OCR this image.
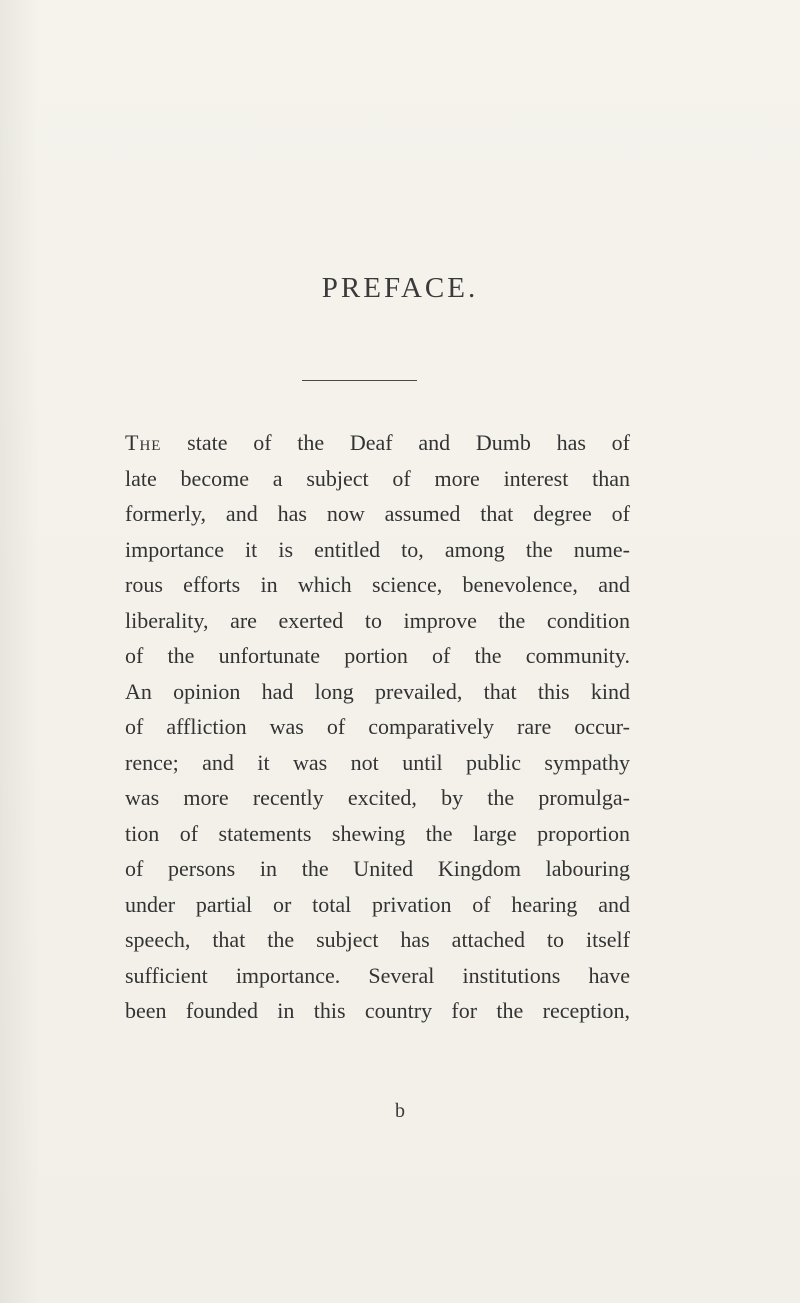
PREFACE.
The state of the Deaf and Dumb has of
late become a subject of more interest than
formerly, and has now assumed that degree of
importance it is entitled to, among the nume-
rous efforts in which science, benevolence, and
liberality, are exerted to improve the condition
of the unfortunate portion of the community.
An opinion had long prevailed, that this kind
of affliction was of comparatively rare occur-
rence; and it was not until public sympathy
was more recently excited, by the promulga-
tion of statements shewing the large proportion
of persons in the United Kingdom labouring
under partial or total privation of hearing and
speech, that the subject has attached to itself
sufficient importance. Several institutions have
been founded in this country for the reception,
b
